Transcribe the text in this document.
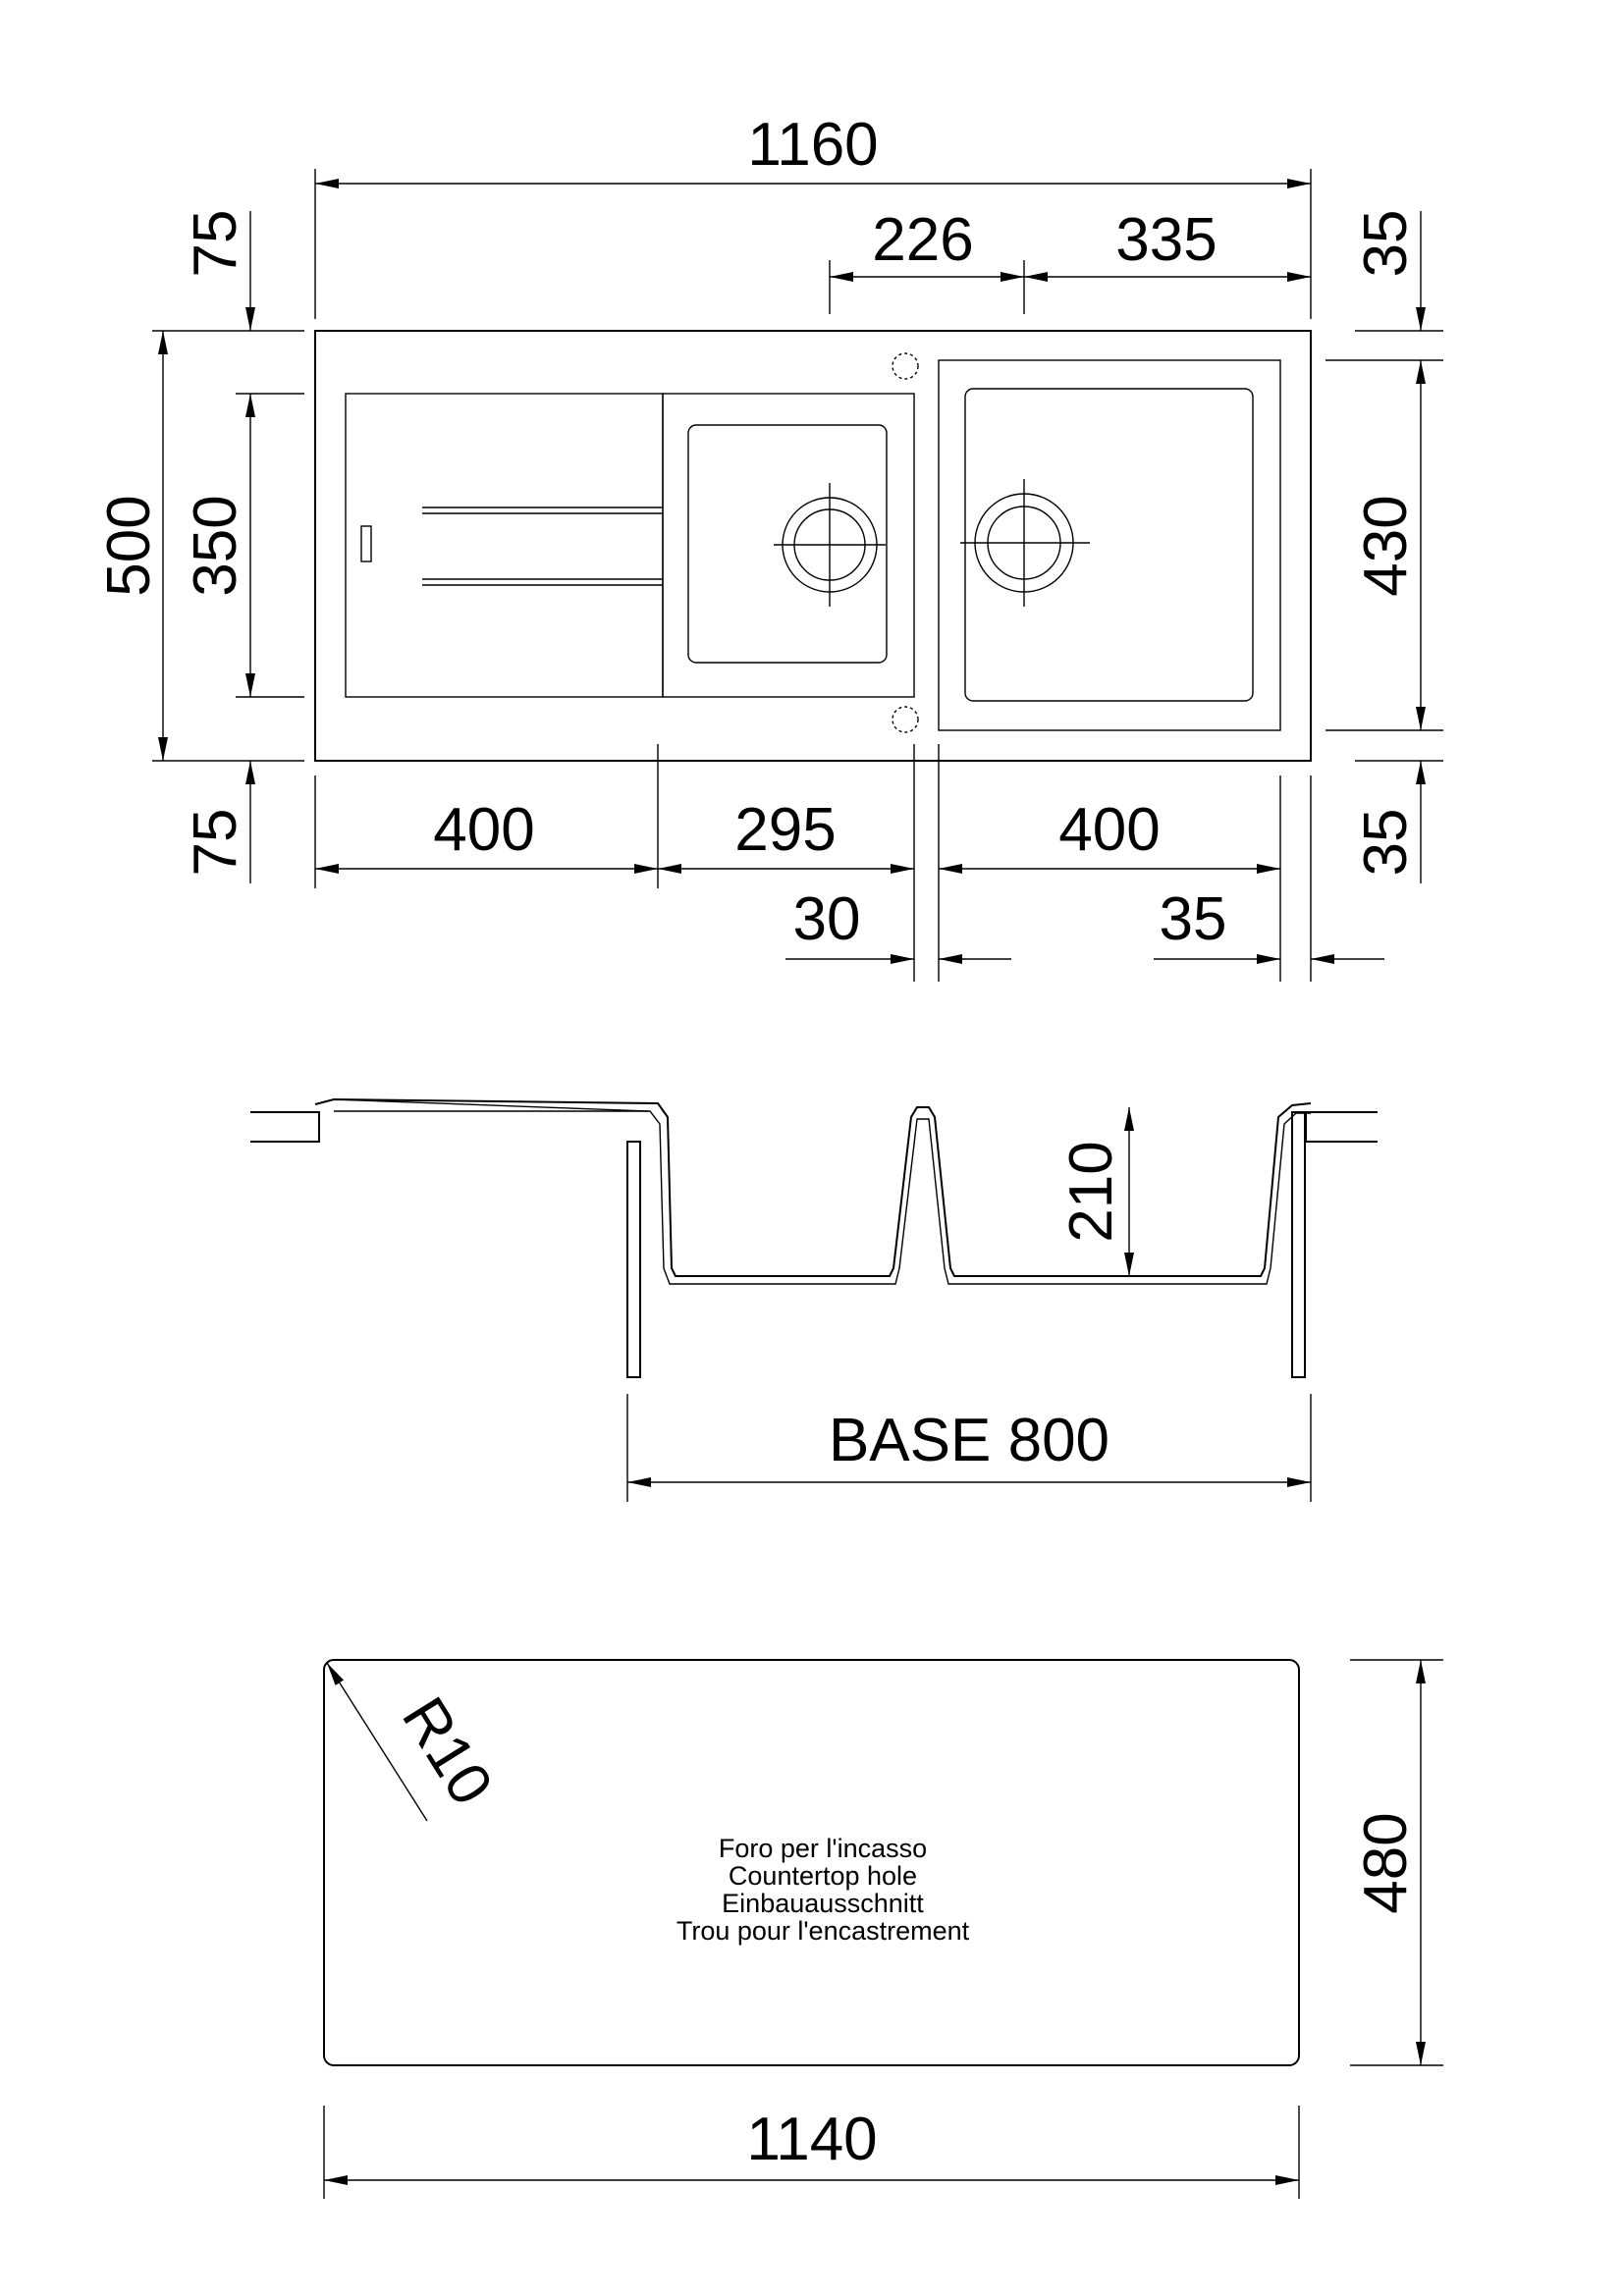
1160
226 335
400	295	400
30	35
500 350
75
75
430
35
35
210
BASE 800
R10
Foro per l'incasso
Countertop hole
Einbauausschnitt
Trou pour l'encastrement
480
1140
